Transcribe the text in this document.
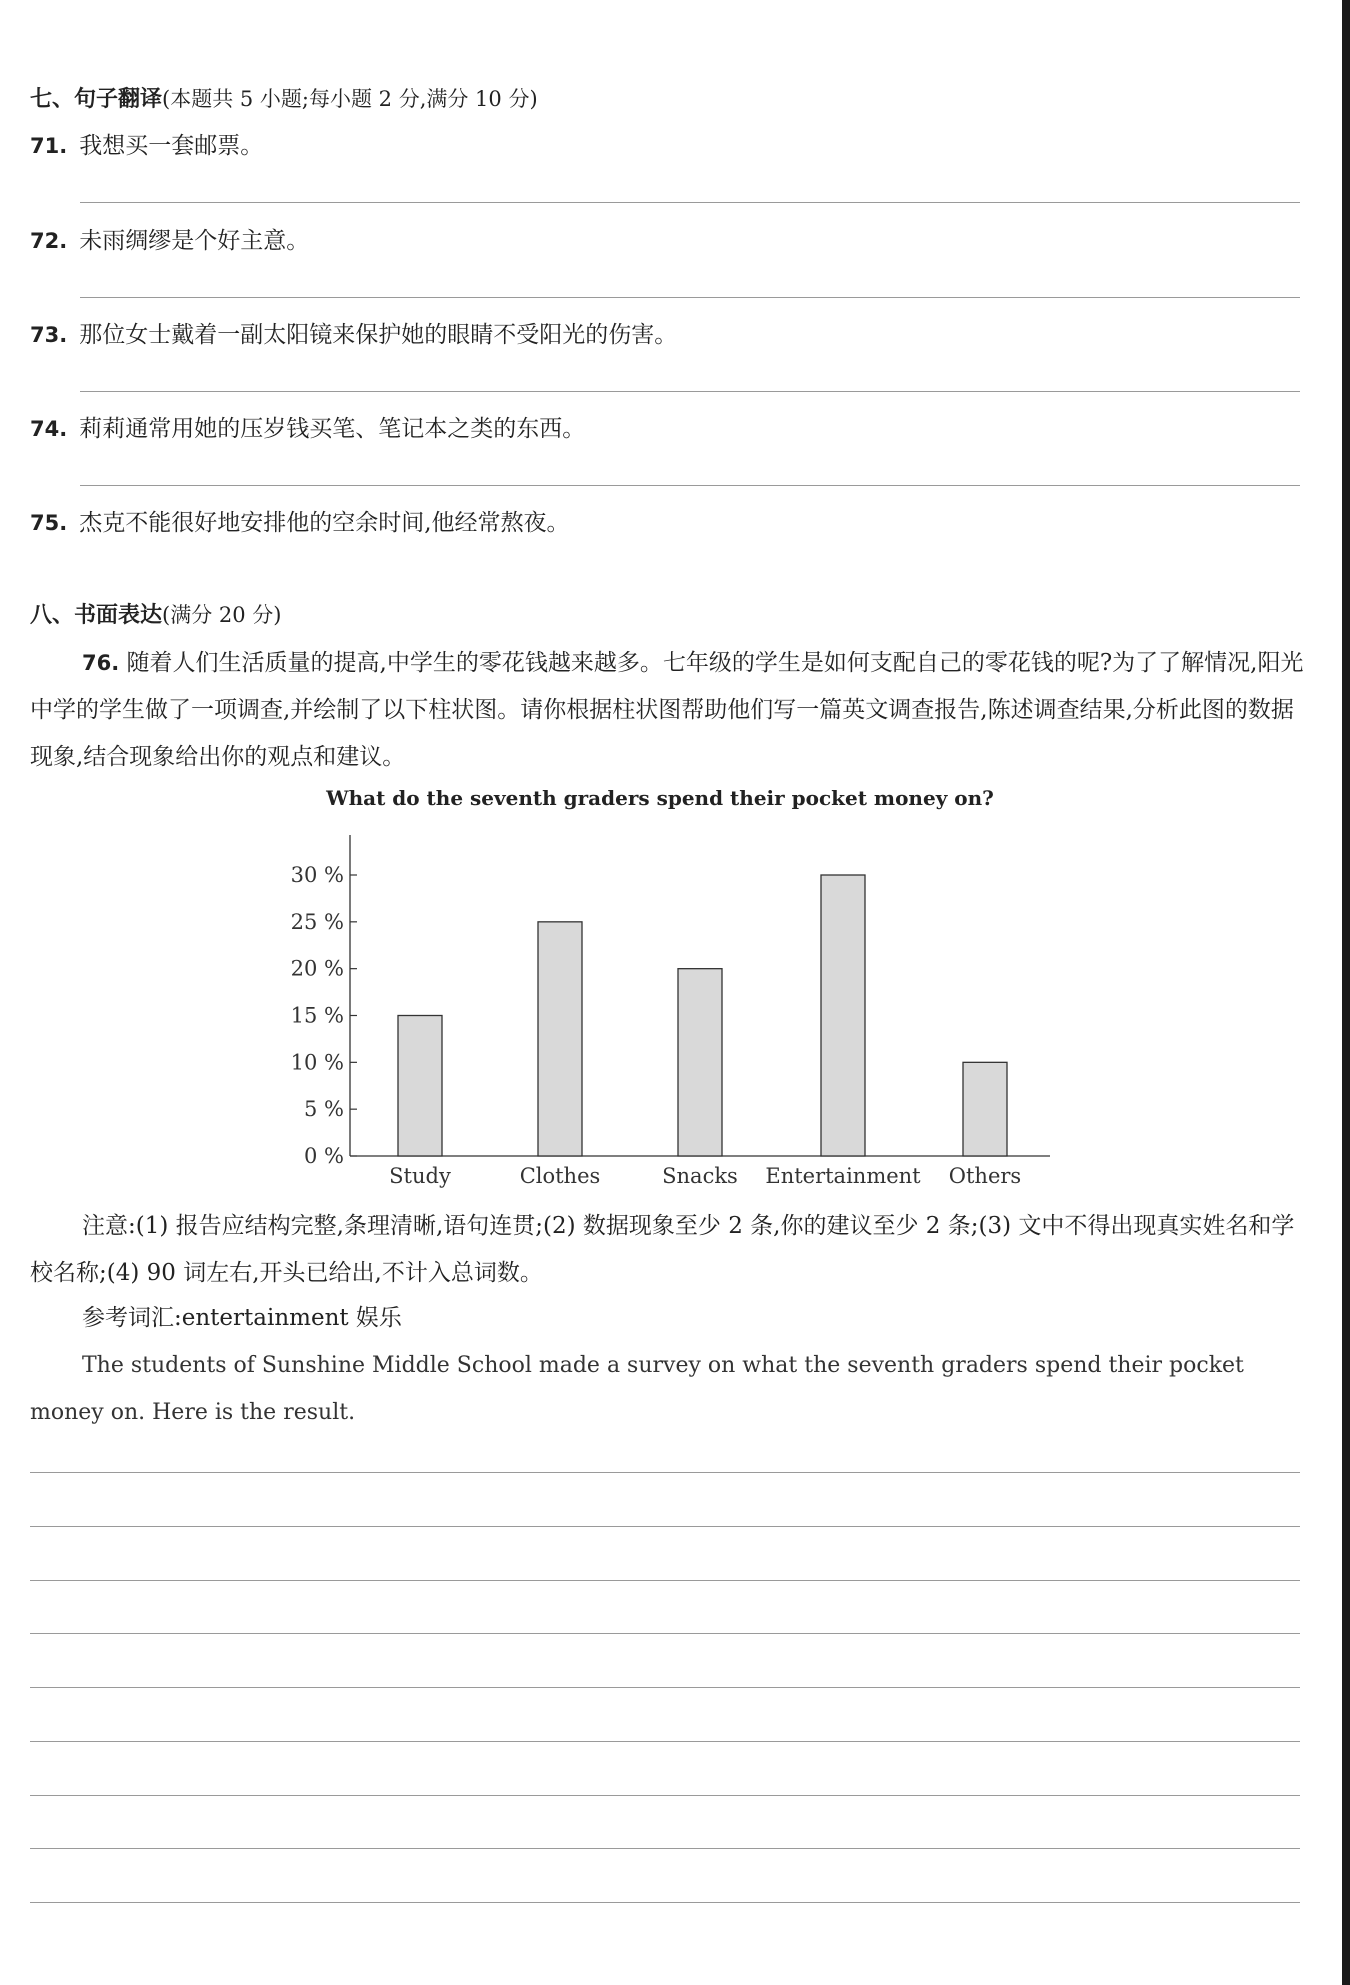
七、句子翻译(本题共 5 小题;每小题 2 分,满分 10 分)
71. 我想买一套邮票。
72. 未雨绸缪是个好主意。
73. 那位女士戴着一副太阳镜来保护她的眼睛不受阳光的伤害。
74. 莉莉通常用她的压岁钱买笔、笔记本之类的东西。
75. 杰克不能很好地安排他的空余时间,他经常熬夜。
八、书面表达(满分 20 分)
76. 随着人们生活质量的提高,中学生的零花钱越来越多。七年级的学生是如何支配自己的零花钱的呢?为了了解情况,阳光中学的学生做了一项调查,并绘制了以下柱状图。请你根据柱状图帮助他们写一篇英文调查报告,陈述调查结果,分析此图的数据现象,结合现象给出你的观点和建议。
What do the seventh graders spend their pocket money on?
0 %
5 %
10 %
15 %
20 %
25 %
30 %
Study	Clothes	Snacks Entertainment Others
注意:(1) 报告应结构完整,条理清晰,语句连贯;(2) 数据现象至少 2 条,你的建议至少 2 条;(3) 文中不得出现真实姓名和学校名称;(4) 90 词左右,开头已给出,不计入总词数。
参考词汇:entertainment 娱乐
The students of Sunshine Middle School made a survey on what the seventh graders spend their pocket money on. Here is the result.
